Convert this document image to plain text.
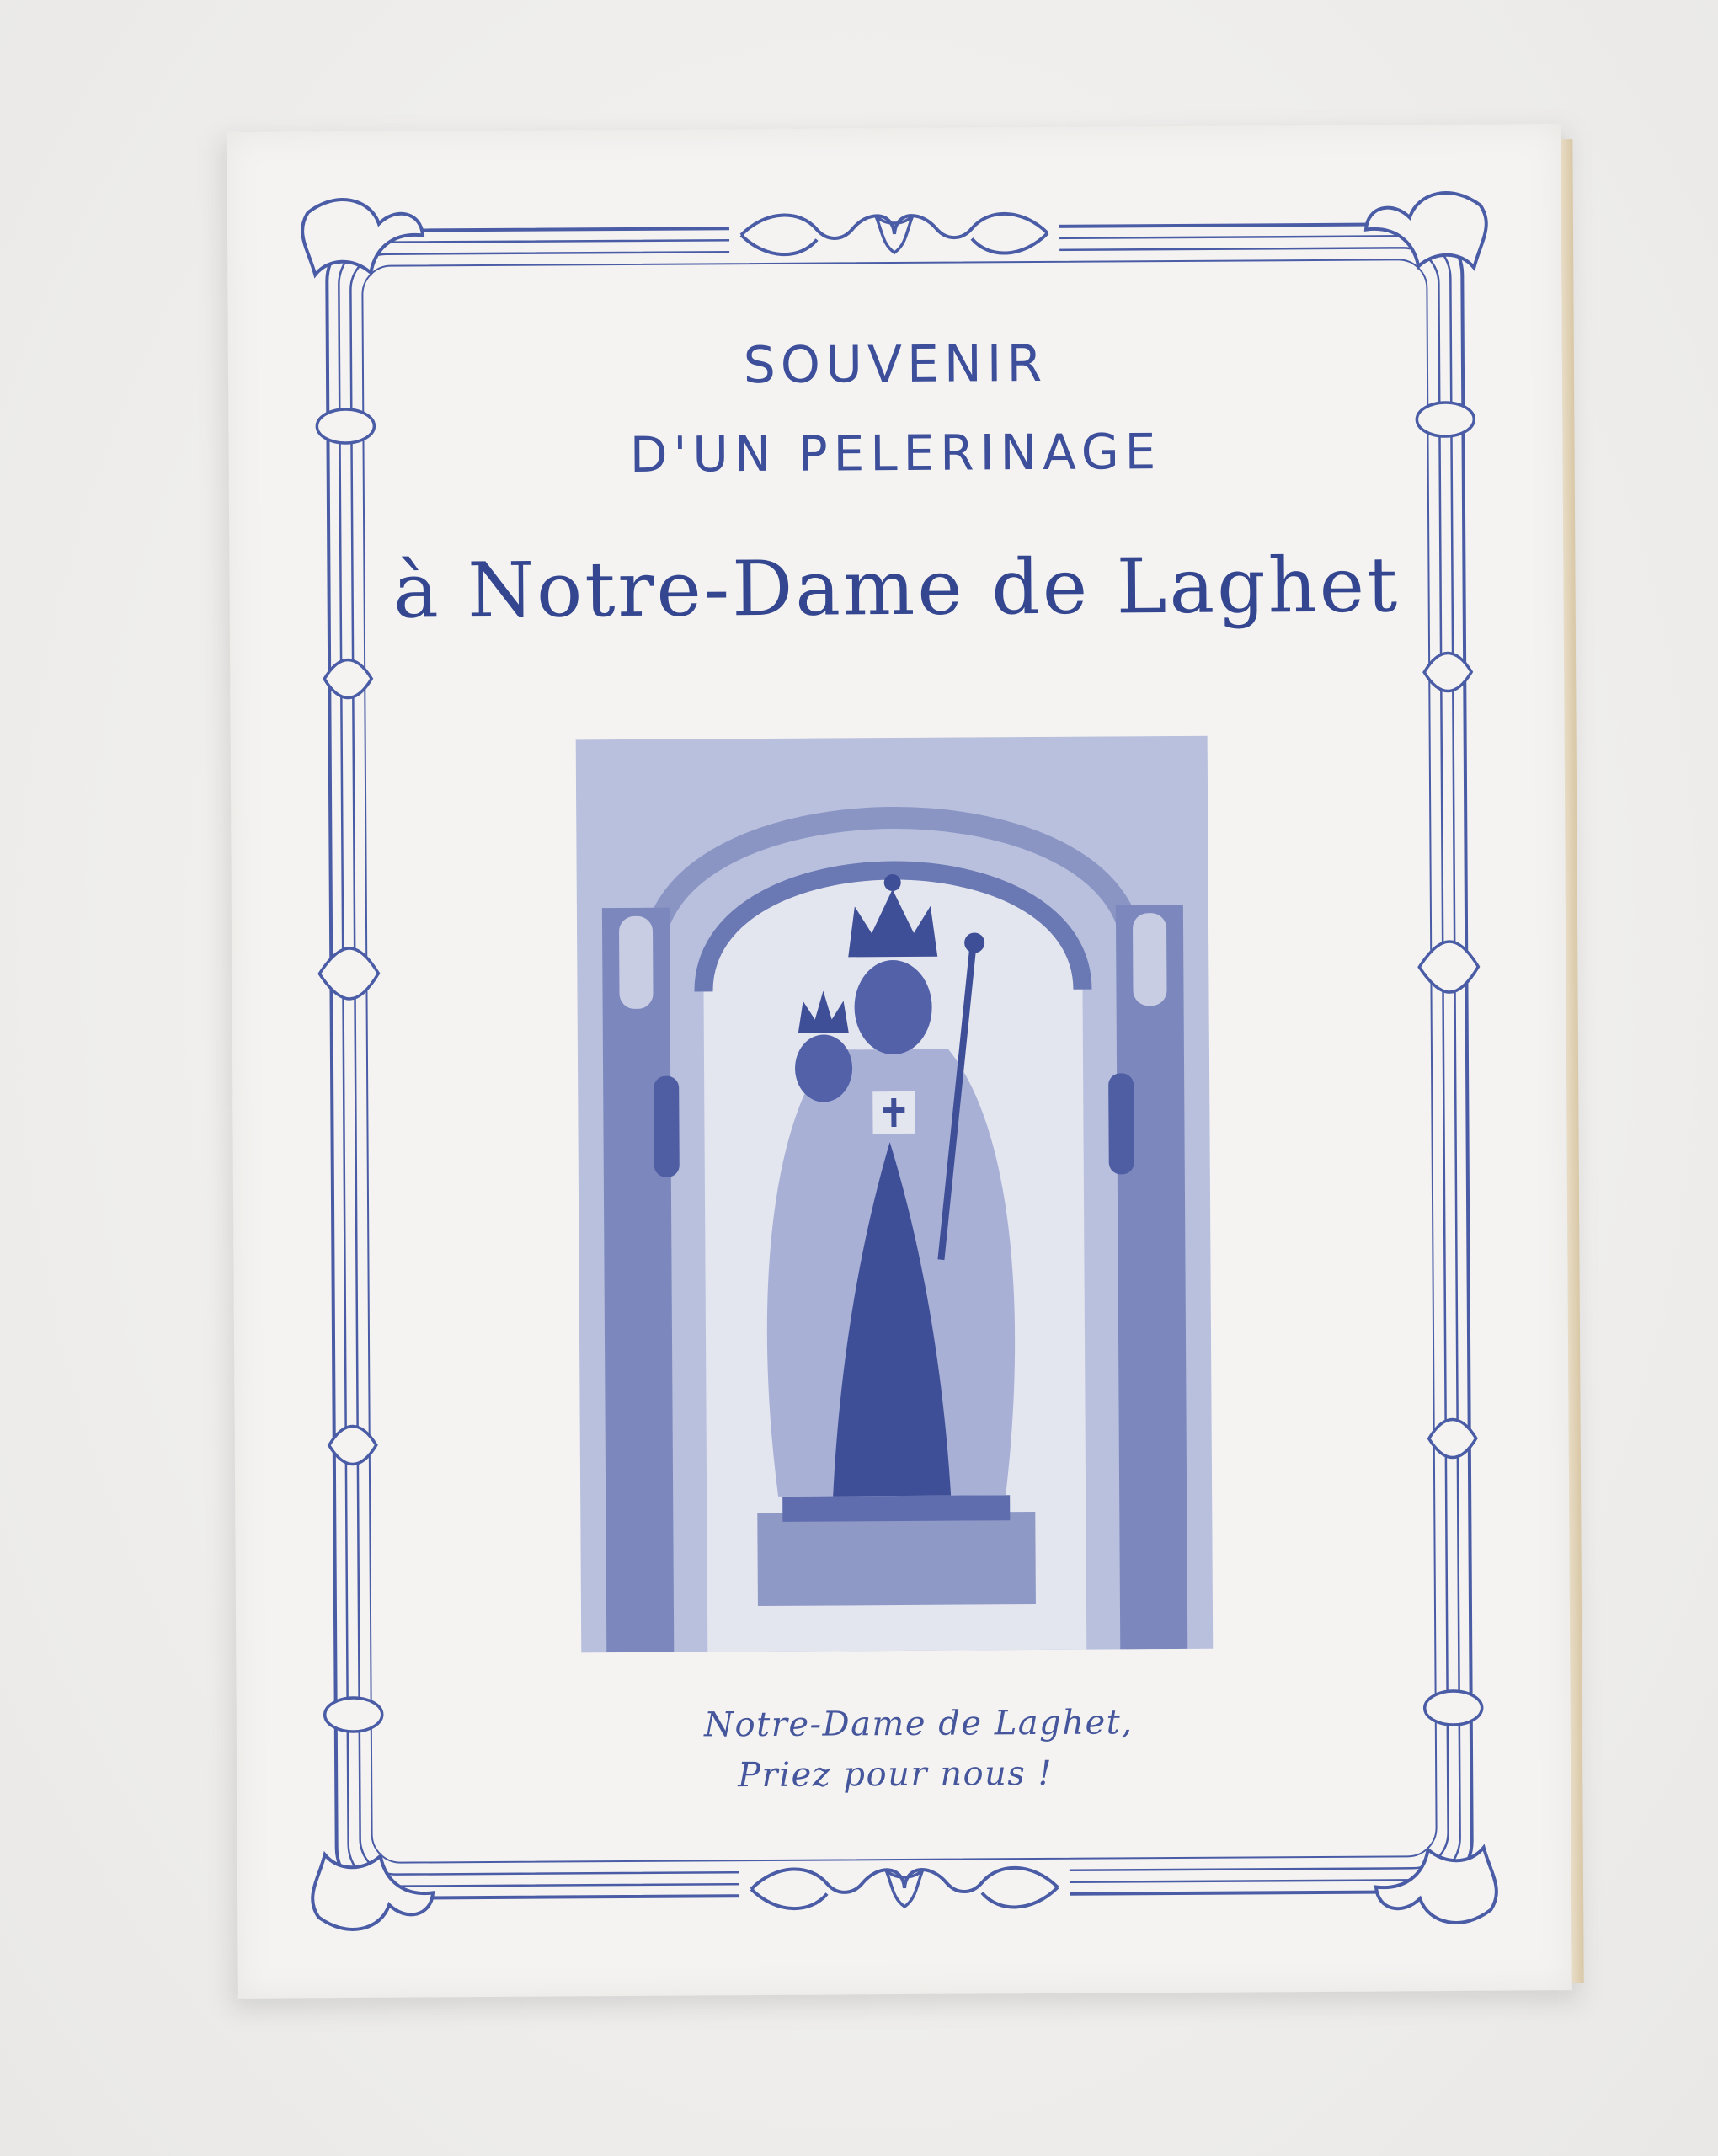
SOUVENIR
D'UN PELERINAGE
à Notre-Dame de Laghet
Notre-Dame de Laghet,
Priez pour nous !
